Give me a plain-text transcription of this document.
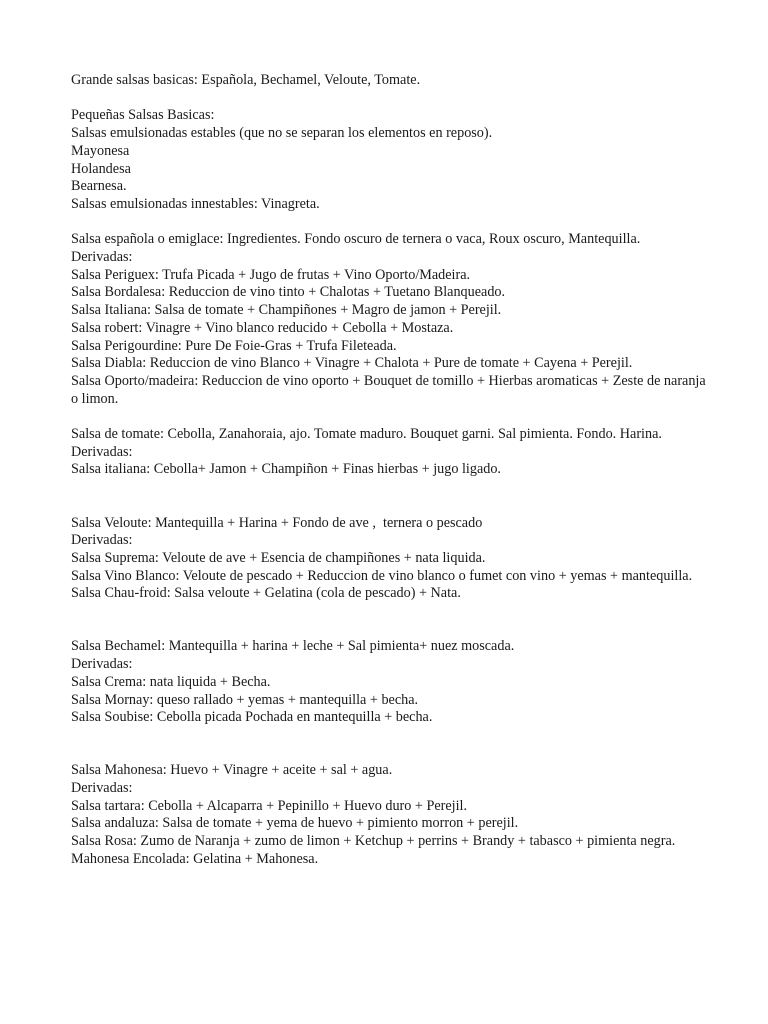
Grande salsas basicas: Española, Bechamel, Veloute, Tomate.
Pequeñas Salsas Basicas:
Salsas emulsionadas estables (que no se separan los elementos en reposo).
Mayonesa
Holandesa
Bearnesa.
Salsas emulsionadas innestables: Vinagreta.
Salsa española o emiglace: Ingredientes. Fondo oscuro de ternera o vaca, Roux oscuro, Mantequilla.
Derivadas:
Salsa Periguex: Trufa Picada + Jugo de frutas + Vino Oporto/Madeira.
Salsa Bordalesa: Reduccion de vino tinto + Chalotas + Tuetano Blanqueado.
Salsa Italiana: Salsa de tomate + Champiñones + Magro de jamon + Perejil.
Salsa robert: Vinagre + Vino blanco reducido + Cebolla + Mostaza.
Salsa Perigourdine: Pure De Foie-Gras + Trufa Fileteada.
Salsa Diabla: Reduccion de vino Blanco + Vinagre + Chalota + Pure de tomate + Cayena + Perejil.
Salsa Oporto/madeira: Reduccion de vino oporto + Bouquet de tomillo + Hierbas aromaticas + Zeste de naranja o limon.
Salsa de tomate: Cebolla, Zanahoraia, ajo. Tomate maduro. Bouquet garni. Sal pimienta. Fondo. Harina.
Derivadas:
Salsa italiana: Cebolla+ Jamon + Champiñon + Finas hierbas + jugo ligado.
Salsa Veloute: Mantequilla + Harina + Fondo de ave ,  ternera o pescado
Derivadas:
Salsa Suprema: Veloute de ave + Esencia de champiñones + nata liquida.
Salsa Vino Blanco: Veloute de pescado + Reduccion de vino blanco o fumet con vino + yemas + mantequilla.
Salsa Chau-froid: Salsa veloute + Gelatina (cola de pescado) + Nata.
Salsa Bechamel: Mantequilla + harina + leche + Sal pimienta+ nuez moscada.
Derivadas:
Salsa Crema: nata liquida + Becha.
Salsa Mornay: queso rallado + yemas + mantequilla + becha.
Salsa Soubise: Cebolla picada Pochada en mantequilla + becha.
Salsa Mahonesa: Huevo + Vinagre + aceite + sal + agua.
Derivadas:
Salsa tartara: Cebolla + Alcaparra + Pepinillo + Huevo duro + Perejil.
Salsa andaluza: Salsa de tomate + yema de huevo + pimiento morron + perejil.
Salsa Rosa: Zumo de Naranja + zumo de limon + Ketchup + perrins + Brandy + tabasco + pimienta negra.
Mahonesa Encolada: Gelatina + Mahonesa.
